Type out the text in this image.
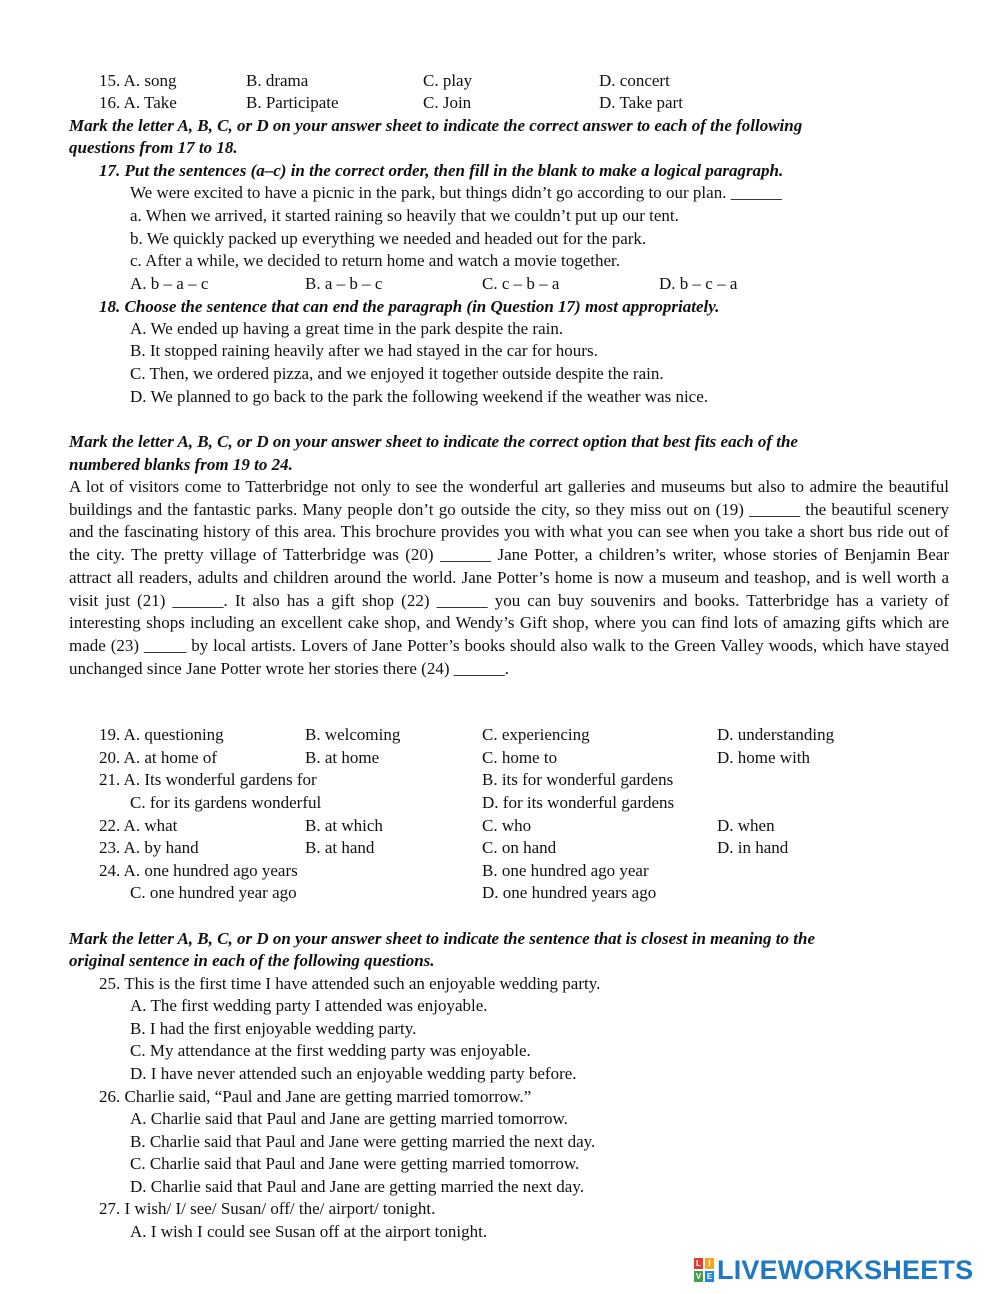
15. A. song	B. drama	C. play	D. concert
16. A. Take	B. Participate	C. Join	D. Take part
Mark the letter A, B, C, or D on your answer sheet to indicate the correct answer to each of the following
questions from 17 to 18.
17. Put the sentences (a–c) in the correct order, then fill in the blank to make a logical paragraph.
We were excited to have a picnic in the park, but things didn’t go according to our plan. ______
a. When we arrived, it started raining so heavily that we couldn’t put up our tent.
b. We quickly packed up everything we needed and headed out for the park.
c. After a while, we decided to return home and watch a movie together.
A. b – a – c	B. a – b – c	C. c – b – a	D. b – c – a
18. Choose the sentence that can end the paragraph (in Question 17) most appropriately.
A. We ended up having a great time in the park despite the rain.
B. It stopped raining heavily after we had stayed in the car for hours.
C. Then, we ordered pizza, and we enjoyed it together outside despite the rain.
D. We planned to go back to the park the following weekend if the weather was nice.
Mark the letter A, B, C, or D on your answer sheet to indicate the correct option that best fits each of the
numbered blanks from 19 to 24.
A lot of visitors come to Tatterbridge not only to see the wonderful art galleries and museums but also to admire the beautiful buildings and the fantastic parks. Many people don’t go outside the city, so they miss out on (19) ______ the beautiful scenery and the fascinating history of this area. This brochure provides you with what you can see when you take a short bus ride out of the city. The pretty village of Tatterbridge was (20) ______ Jane Potter, a children’s writer, whose stories of Benjamin Bear attract all readers, adults and children around the world. Jane Potter’s home is now a museum and teashop, and is well worth a visit just (21) ______. It also has a gift shop (22) ______ you can buy souvenirs and books. Tatterbridge has a variety of interesting shops including an excellent cake shop, and Wendy’s Gift shop, where you can find lots of amazing gifts which are made (23) _____ by local artists. Lovers of Jane Potter’s books should also walk to the Green Valley woods, which have stayed unchanged since Jane Potter wrote her stories there (24) ______.
19. A. questioning	B. welcoming	C. experiencing	D. understanding
20. A. at home of	B. at home	C. home to	D. home with
21. A. Its wonderful gardens for	B. its for wonderful gardens
C. for its gardens wonderful	D. for its wonderful gardens
22. A. what	B. at which	C. who	D. when
23. A. by hand	B. at hand	C. on hand	D. in hand
24. A. one hundred ago years	B. one hundred ago year
C. one hundred year ago	D. one hundred years ago
Mark the letter A, B, C, or D on your answer sheet to indicate the sentence that is closest in meaning to the
original sentence in each of the following questions.
25. This is the first time I have attended such an enjoyable wedding party.
A. The first wedding party I attended was enjoyable.
B. I had the first enjoyable wedding party.
C. My attendance at the first wedding party was enjoyable.
D. I have never attended such an enjoyable wedding party before.
26. Charlie said, “Paul and Jane are getting married tomorrow.”
A. Charlie said that Paul and Jane are getting married tomorrow.
B. Charlie said that Paul and Jane were getting married the next day.
C. Charlie said that Paul and Jane were getting married tomorrow.
D. Charlie said that Paul and Jane are getting married the next day.
27. I wish/ I/ see/ Susan/ off/ the/ airport/ tonight.
A. I wish I could see Susan off at the airport tonight.
L I
V E LIVEWORKSHEETS
